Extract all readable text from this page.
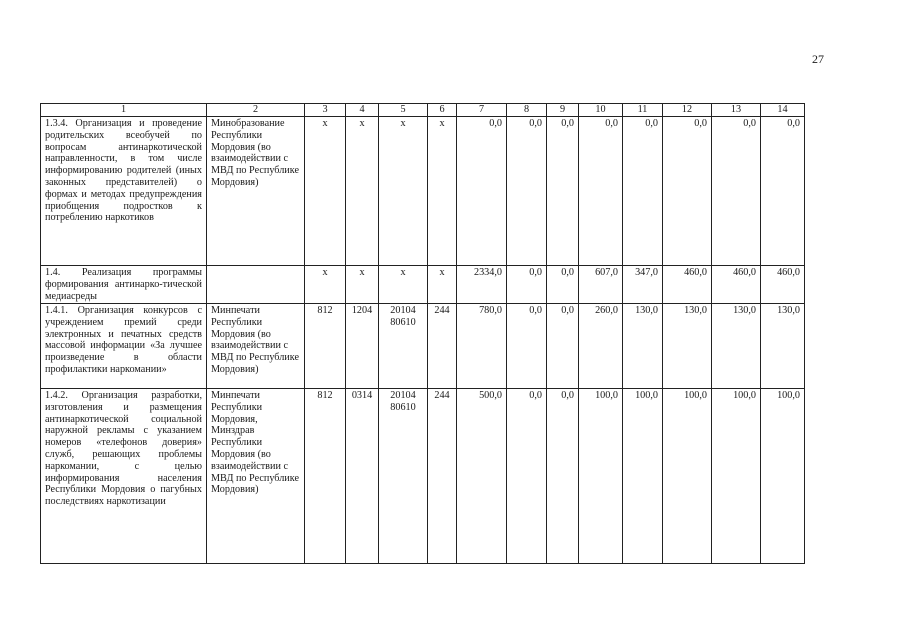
27
1	2	3	4	5	6	7	8	9	10	11	12	13	14
1.3.4. Организация и проведение родительских всеобучей по вопросам антинаркотической направленности, в том числе информированию родителей (иных законных представителей) о формах и методах предупреждения приобщения подростков к потреблению наркотиков	Минобразование Республики Мордовия (во взаимодействии с МВД по Республике Мордовия)	х	х	х	х	0,0	0,0	0,0	0,0	0,0	0,0	0,0	0,0
1.4. Реализация программы формирования антинарко-тической медиасреды		х	х	х	х	2334,0	0,0	0,0	607,0	347,0	460,0	460,0	460,0
1.4.1. Организация конкурсов с учреждением премий среди электронных и печатных средств массовой информации «За лучшее произведение в области профилактики наркомании»	Минпечати Республики Мордовия (во взаимодействии с МВД по Республике Мордовия)	812	1204	20104 80610	244	780,0	0,0	0,0	260,0	130,0	130,0	130,0	130,0
1.4.2. Организация разработки, изготовления и размещения антинаркотической социальной наружной рекламы с указанием номеров «телефонов доверия» служб, решающих проблемы наркомании, с целью информирования населения Республики Мордовия о пагубных последствиях наркотизации	Минпечати Республики Мордовия, Минздрав Республики Мордовия (во взаимодействии с МВД по Республике Мордовия)	812	0314	20104 80610	244	500,0	0,0	0,0	100,0	100,0	100,0	100,0	100,0
